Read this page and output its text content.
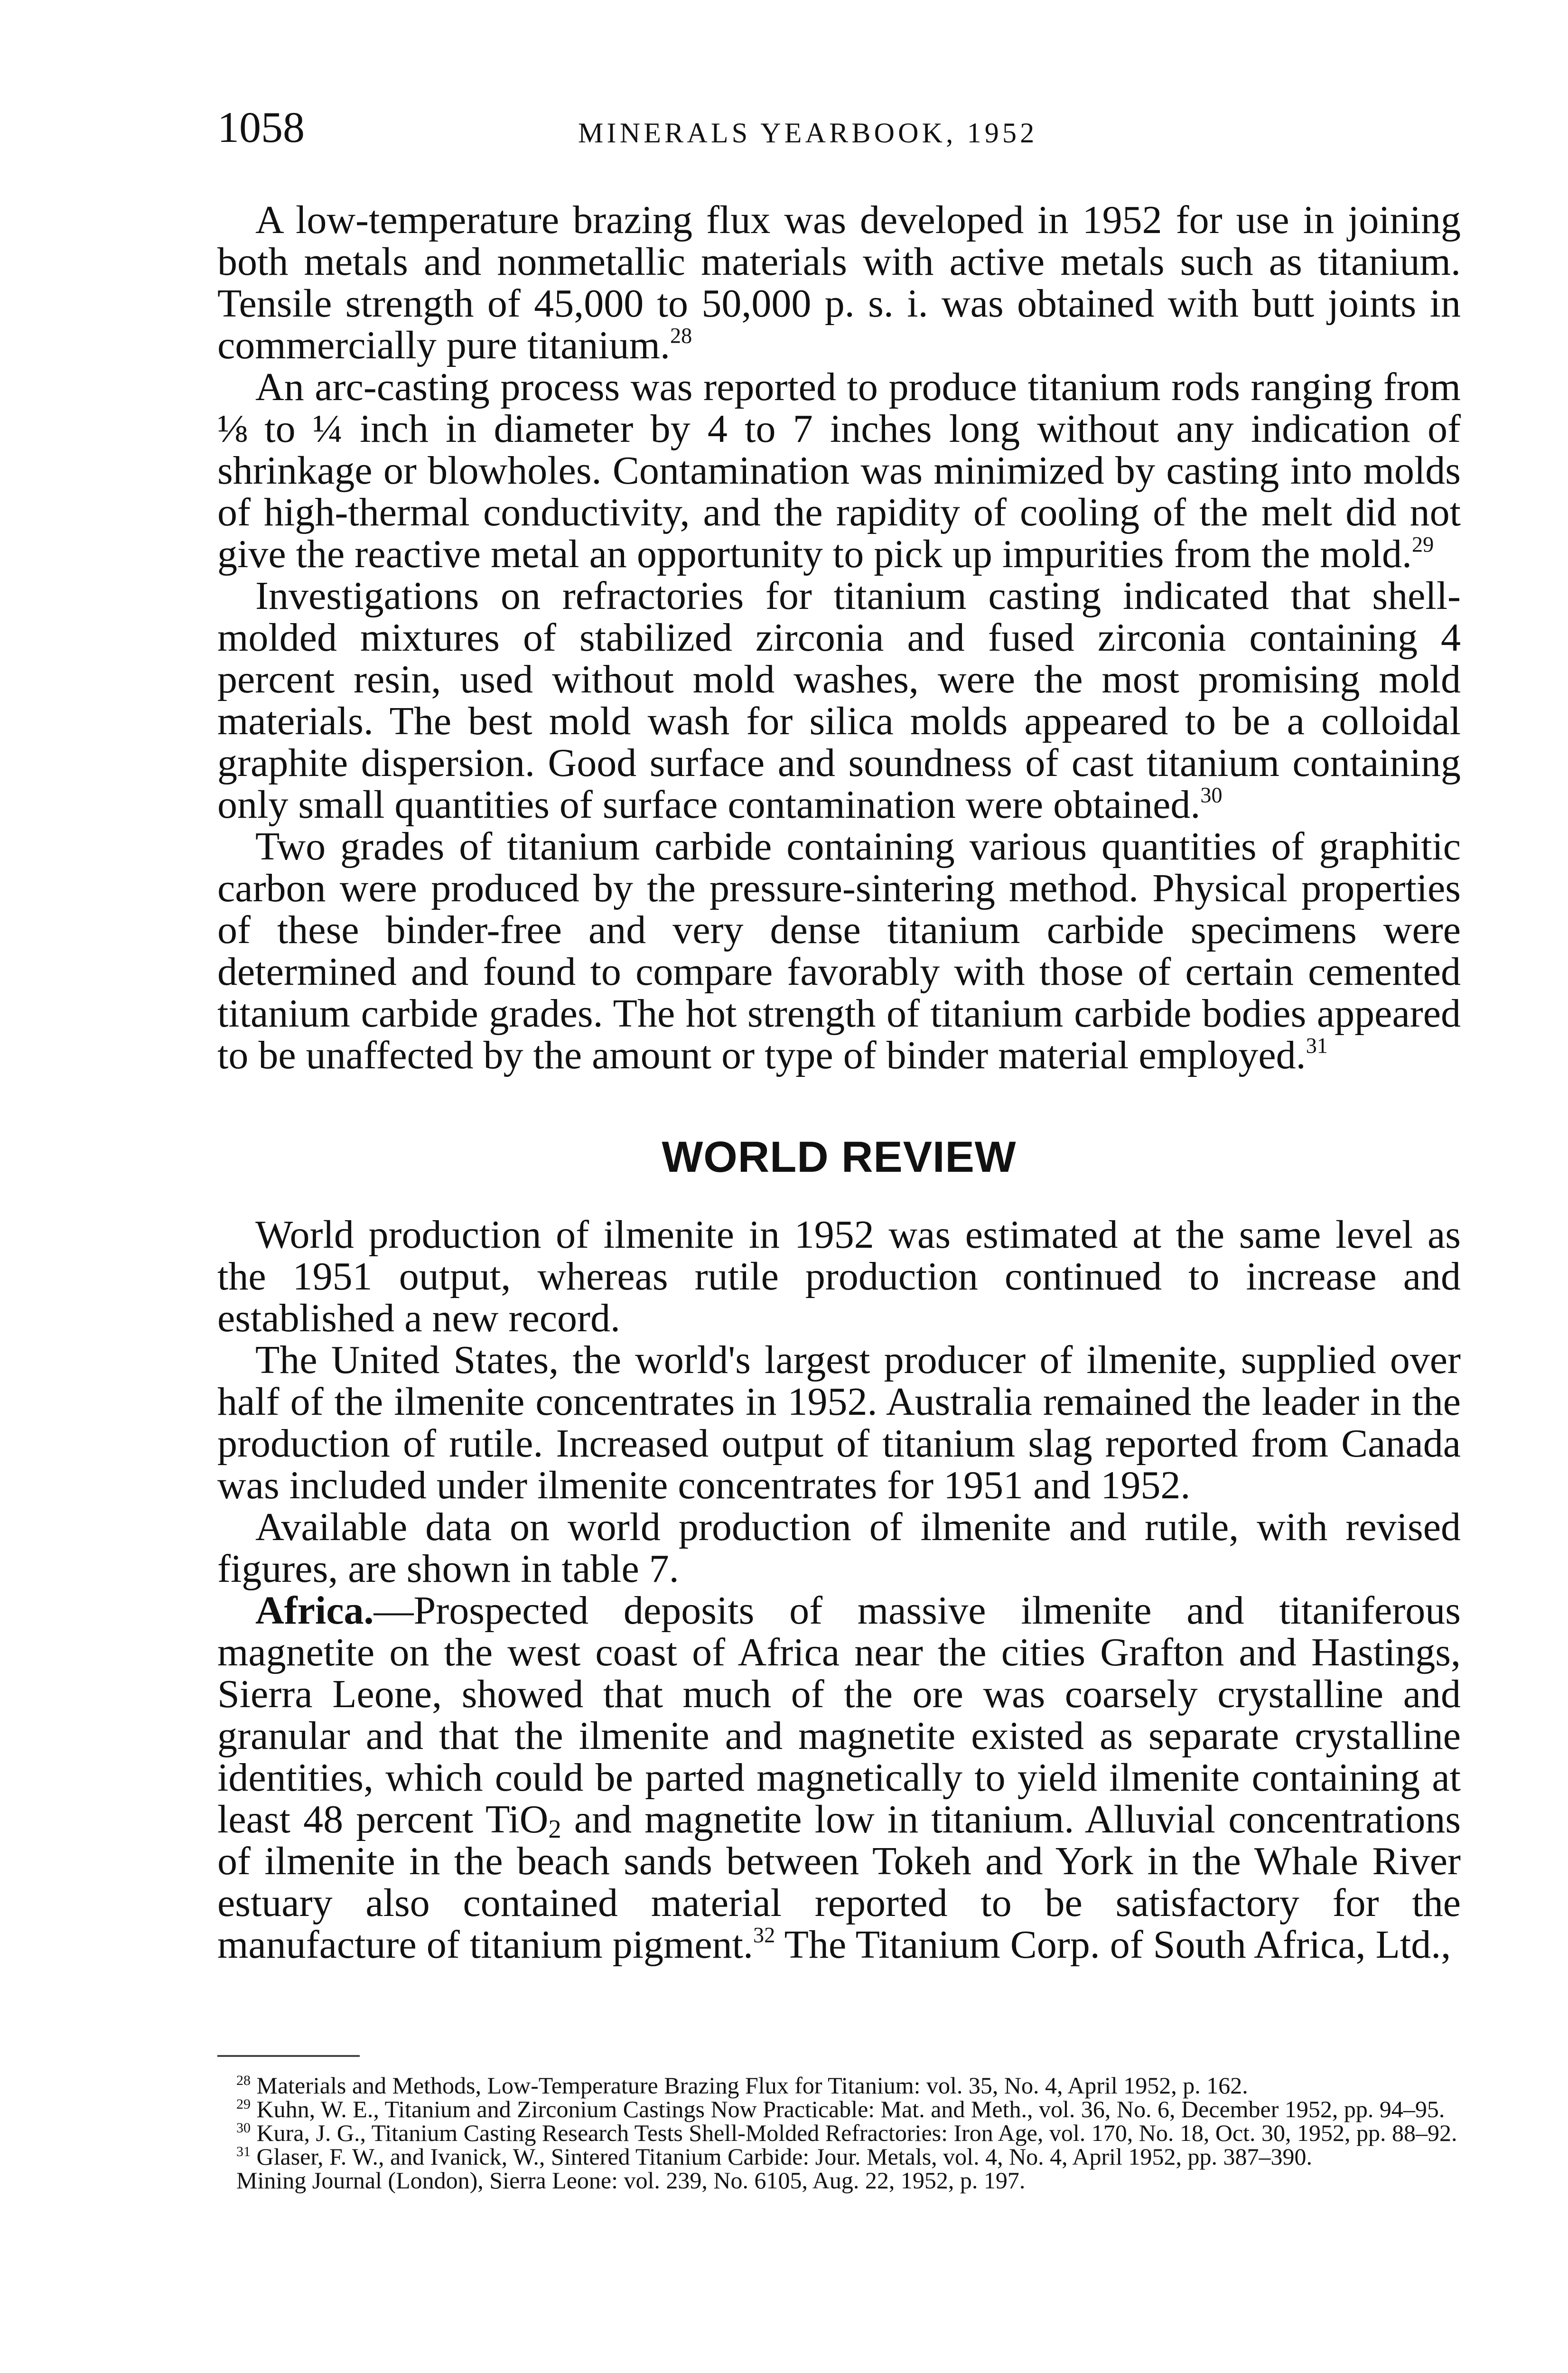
1058	MINERALS YEARBOOK, 1952

A low-temperature brazing flux was developed in 1952 for use in joining both metals and nonmetallic materials with active metals such as titanium. Tensile strength of 45,000 to 50,000 p. s. i. was obtained with butt joints in commercially pure titanium.$^{28}$

An arc-casting process was reported to produce titanium rods ranging from ⅛ to ¼ inch in diameter by 4 to 7 inches long without any indication of shrinkage or blowholes. Contamination was minimized by casting into molds of high-thermal conductivity, and the rapidity of cooling of the melt did not give the reactive metal an opportunity to pick up impurities from the mold.$^{29}$

Investigations on refractories for titanium casting indicated that shell-molded mixtures of stabilized zirconia and fused zirconia containing 4 percent resin, used without mold washes, were the most promising mold materials. The best mold wash for silica molds appeared to be a colloidal graphite dispersion. Good surface and soundness of cast titanium containing only small quantities of surface contamination were obtained.$^{30}$

Two grades of titanium carbide containing various quantities of graphitic carbon were produced by the pressure-sintering method. Physical properties of these binder-free and very dense titanium carbide specimens were determined and found to compare favorably with those of certain cemented titanium carbide grades. The hot strength of titanium carbide bodies appeared to be unaffected by the amount or type of binder material employed.$^{31}$

WORLD REVIEW

World production of ilmenite in 1952 was estimated at the same level as the 1951 output, whereas rutile production continued to increase and established a new record.

The United States, the world's largest producer of ilmenite, supplied over half of the ilmenite concentrates in 1952. Australia remained the leader in the production of rutile. Increased output of titanium slag reported from Canada was included under ilmenite concentrates for 1951 and 1952.

Available data on world production of ilmenite and rutile, with revised figures, are shown in table 7.

Africa.—Prospected deposits of massive ilmenite and titaniferous magnetite on the west coast of Africa near the cities Grafton and Hastings, Sierra Leone, showed that much of the ore was coarsely crystalline and granular and that the ilmenite and magnetite existed as separate crystalline identities, which could be parted magnetically to yield ilmenite containing at least 48 percent TiO$_2$ and magnetite low in titanium. Alluvial concentrations of ilmenite in the beach sands between Tokeh and York in the Whale River estuary also contained material reported to be satisfactory for the manufacture of titanium pigment.$^{32}$ The Titanium Corp. of South Africa, Ltd.,

$^{28}$ Materials and Methods, Low-Temperature Brazing Flux for Titanium: vol. 35, No. 4, April 1952, p. 162.

$^{29}$ Kuhn, W. E., Titanium and Zirconium Castings Now Practicable: Mat. and Meth., vol. 36, No. 6, December 1952, pp. 94–95.

$^{30}$ Kura, J. G., Titanium Casting Research Tests Shell-Molded Refractories: Iron Age, vol. 170, No. 18, Oct. 30, 1952, pp. 88–92.

$^{31}$ Glaser, F. W., and Ivanick, W., Sintered Titanium Carbide: Jour. Metals, vol. 4, No. 4, April 1952, pp. 387–390.

Mining Journal (London), Sierra Leone: vol. 239, No. 6105, Aug. 22, 1952, p. 197.
